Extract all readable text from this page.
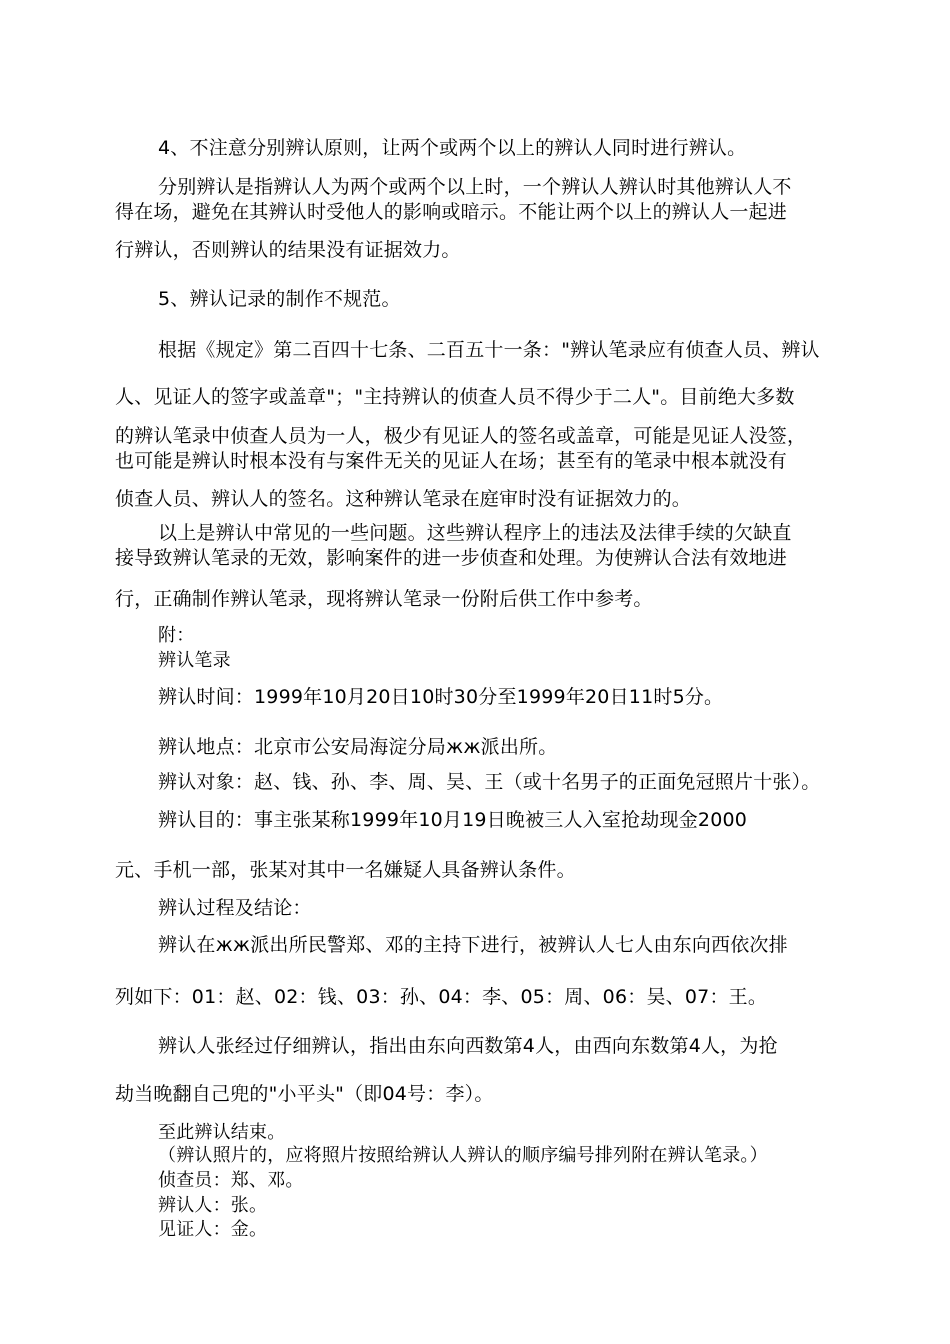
4、不注意分别辨认原则，让两个或两个以上的辨认人同时进行辨认。
分别辨认是指辨认人为两个或两个以上时，一个辨认人辨认时其他辨认人不
得在场，避免在其辨认时受他人的影响或暗示。不能让两个以上的辨认人一起进
行辨认，否则辨认的结果没有证据效力。
5、辨认记录的制作不规范。
根据《规定》第二百四十七条、二百五十一条："辨认笔录应有侦查人员、辨认
人、见证人的签字或盖章"；"主持辨认的侦查人员不得少于二人"。目前绝大多数
的辨认笔录中侦查人员为一人，极少有见证人的签名或盖章，可能是见证人没签，
也可能是辨认时根本没有与案件无关的见证人在场；甚至有的笔录中根本就没有
侦查人员、辨认人的签名。这种辨认笔录在庭审时没有证据效力的。
以上是辨认中常见的一些问题。这些辨认程序上的违法及法律手续的欠缺直
接导致辨认笔录的无效，影响案件的进一步侦查和处理。为使辨认合法有效地进
行，正确制作辨认笔录，现将辨认笔录一份附后供工作中参考。
附：
辨认笔录
辨认时间：1999年10月20日10时30分至1999年20日11时5分。
辨认地点：北京市公安局海淀分局жж派出所。
辨认对象：赵、钱、孙、李、周、吴、王（或十名男子的正面免冠照片十张）。
辨认目的：事主张某称1999年10月19日晚被三人入室抢劫现金2000
元、手机一部，张某对其中一名嫌疑人具备辨认条件。
辨认过程及结论：
辨认在жж派出所民警郑、邓的主持下进行，被辨认人七人由东向西依次排
列如下：01：赵、02：钱、03：孙、04：李、05：周、06：吴、07：王。
辨认人张经过仔细辨认，指出由东向西数第4人，由西向东数第4人，为抢
劫当晚翻自己兜的"小平头"（即04号：李）。
至此辨认结束。
（辨认照片的，应将照片按照给辨认人辨认的顺序编号排列附在辨认笔录。）
侦查员：郑、邓。
辨认人：张。
见证人：金。
